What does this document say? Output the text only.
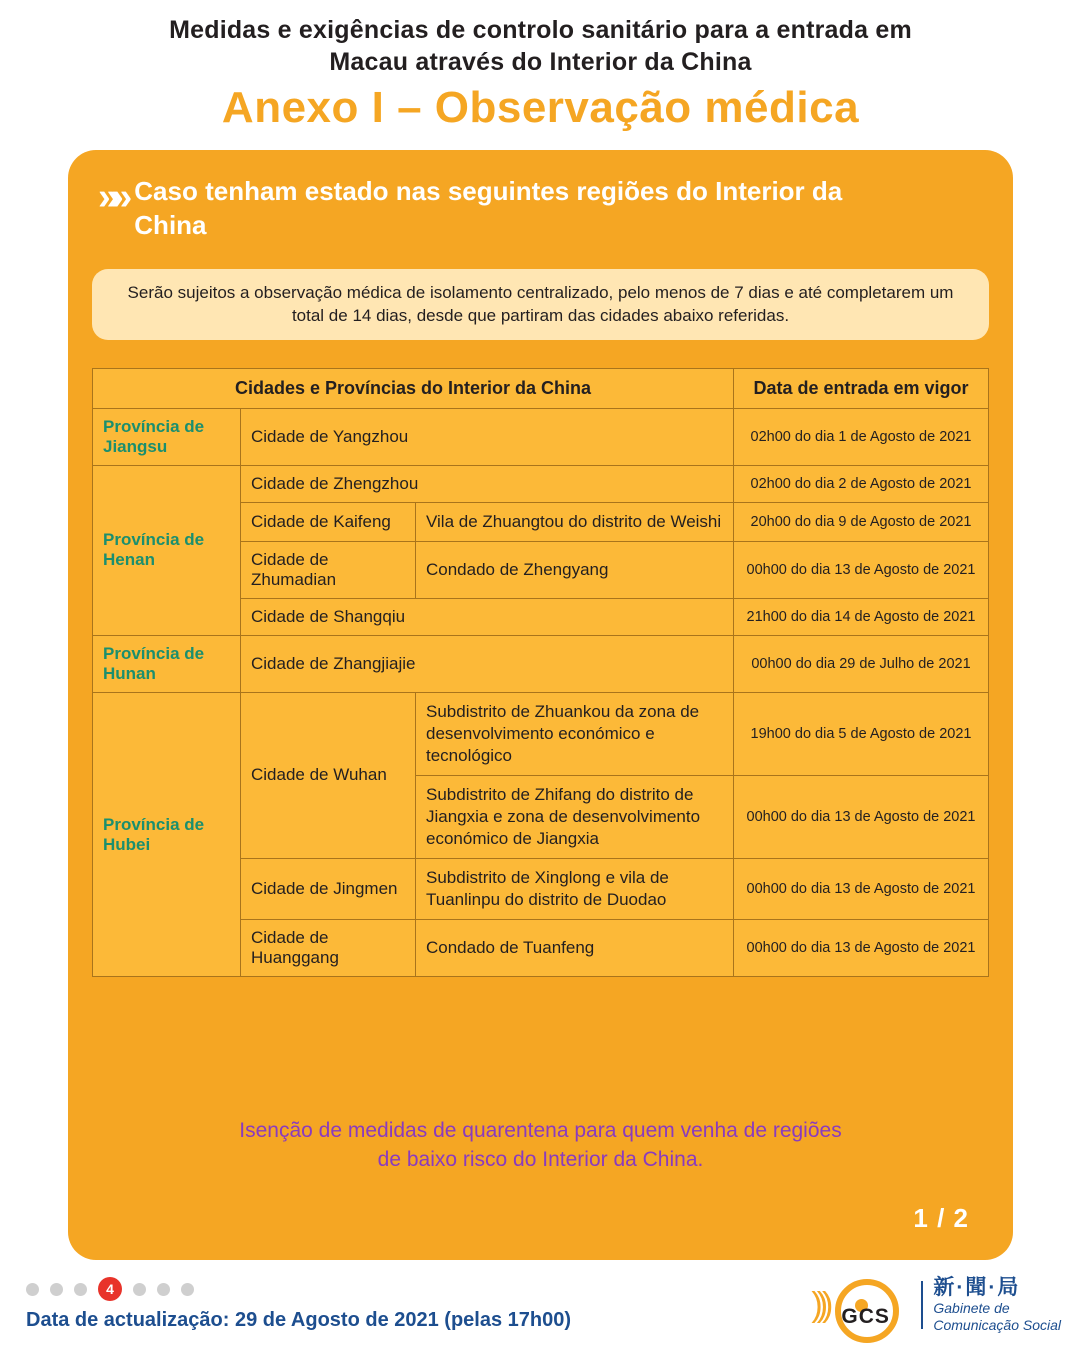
Medidas e exigências de controlo sanitário para a entrada em
Macau através do Interior da China
Anexo I – Observação médica
»» Caso tenham estado nas seguintes regiões do Interior da China
Serão sujeitos a observação médica de isolamento centralizado, pelo menos de 7 dias e até completarem um total de 14 dias, desde que partiram das cidades abaixo referidas.
Cidades e Províncias do Interior da China			Data de entrada em vigor
Província de Jiangsu	Cidade de Yangzhou		02h00 do dia 1 de Agosto de 2021
Província de Henan	Cidade de Zhengzhou		02h00 do dia 2 de Agosto de 2021
	Cidade de Kaifeng	Vila de Zhuangtou do distrito de Weishi	20h00 do dia 9 de Agosto de 2021
	Cidade de Zhumadian	Condado de Zhengyang	00h00 do dia 13 de Agosto de 2021
	Cidade de Shangqiu		21h00 do dia 14 de Agosto de 2021
Província de Hunan	Cidade de Zhangjiajie		00h00 do dia 29 de Julho de 2021
Província de Hubei	Cidade de Wuhan	Subdistrito de Zhuankou da zona de desenvolvimento económico e tecnológico	19h00 do dia 5 de Agosto de 2021
		Subdistrito de Zhifang do distrito de Jiangxia e zona de desenvolvimento económico de Jiangxia	00h00 do dia 13 de Agosto de 2021
	Cidade de Jingmen	Subdistrito de Xinglong e vila de Tuanlinpu do distrito de Duodao	00h00 do dia 13 de Agosto de 2021
	Cidade de Huanggang	Condado de Tuanfeng	00h00 do dia 13 de Agosto de 2021
Isenção de medidas de quarentena para quem venha de regiões
de baixo risco do Interior da China.
1 / 2
4
Data de actualização: 29 de Agosto de 2021 (pelas 17h00)	))) GCS
新·聞·局
Gabinete de
Comunicação Social
